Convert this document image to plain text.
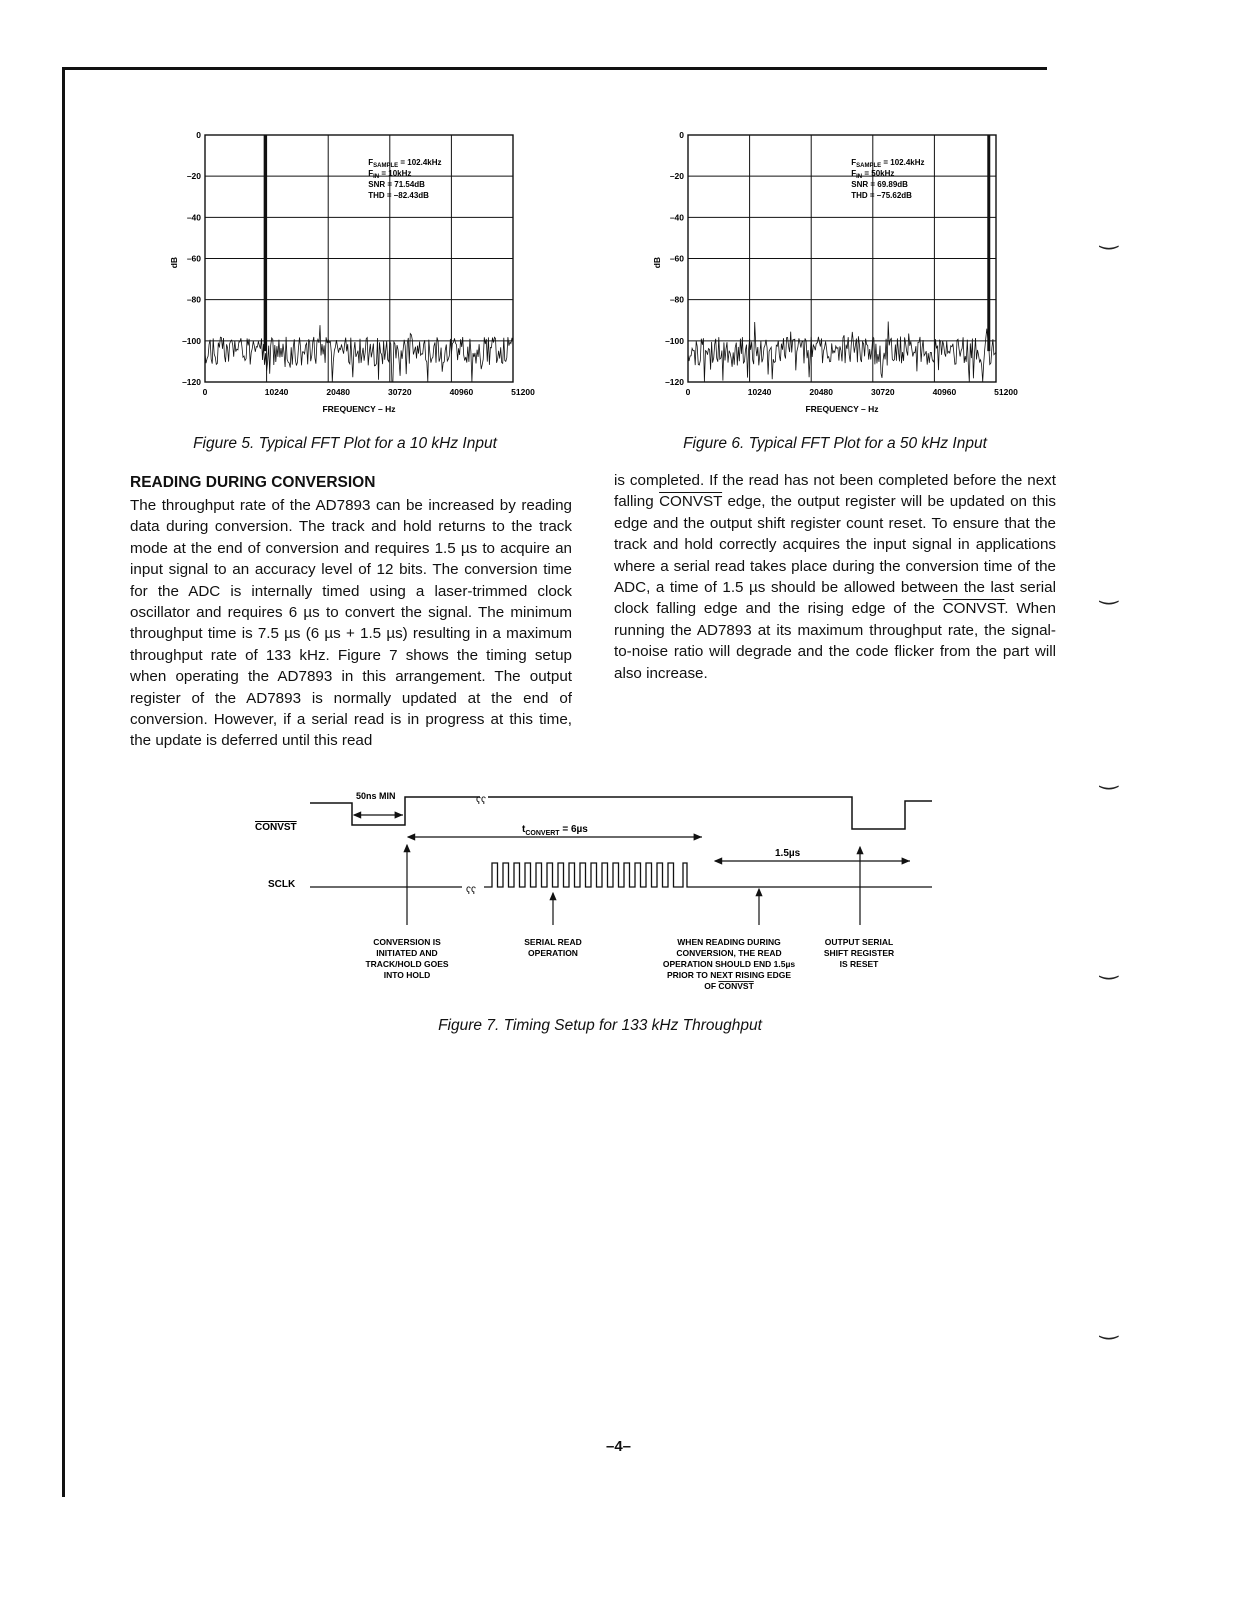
0
–20
–40
–60
–80
–100
–120
0	10240	20480	30720	40960	51200
FREQUENCY – Hz
dB
$F_{SAMPLE} = 102.4kHz$
$F_{IN} = 10kHz$
SNR = 71.54dB
THD = –82.43dB
0
–20
–40
–60
–80
–100
–120
0	10240	20480	30720	40960	51200
FREQUENCY – Hz
dB
$F_{SAMPLE} = 102.4kHz$
$F_{IN} = 50kHz$
SNR = 69.89dB
THD = –75.62dB
Figure 5. Typical FFT Plot for a 10 kHz Input	Figure 6. Typical FFT Plot for a 50 kHz Input
READING DURING CONVERSION

The throughput rate of the AD7893 can be increased by reading data during conversion. The track and hold returns to the track mode at the end of conversion and requires 1.5 µs to acquire an input signal to an accuracy level of 12 bits. The conversion time for the ADC is internally timed using a laser-trimmed clock oscillator and requires 6 µs to convert the signal. The minimum throughput time is 7.5 µs (6 µs + 1.5 µs) resulting in a maximum throughput rate of 133 kHz. Figure 7 shows the timing setup when operating the AD7893 in this arrangement. The output register of the AD7893 is normally updated at the end of conversion. However, if a serial read is in progress at this time, the update is deferred until this read

is completed. If the read has not been completed before the next falling CONVST edge, the output register will be updated on this edge and the output shift register count reset. To ensure that the track and hold correctly acquires the input signal in applications where a serial read takes place during the conversion time of the ADC, a time of 1.5 µs should be allowed between the last serial clock falling edge and the rising edge of the CONVST. When running the AD7893 at its maximum throughput rate, the signal-to-noise ratio will degrade and the code flicker from the part will also increase.

CONVST
SCLK
ʕʕ
50ns MIN
$t_{CONVERT} = 6\mu s$
1.5µs
ʕʕ
CONVERSION IS
INITIATED AND
TRACK/HOLD GOES
INTO HOLD
SERIAL READ
OPERATION
WHEN READING DURING
CONVERSION, THE READ
OPERATION SHOULD END 1.5µs
PRIOR TO NEXT RISING EDGE
OUTPUT SERIAL
SHIFT REGISTER
IS RESET
OF CONVST
Figure 7. Timing Setup for 133 kHz Throughput
–4–
‿
‿
‿
‿
‿
